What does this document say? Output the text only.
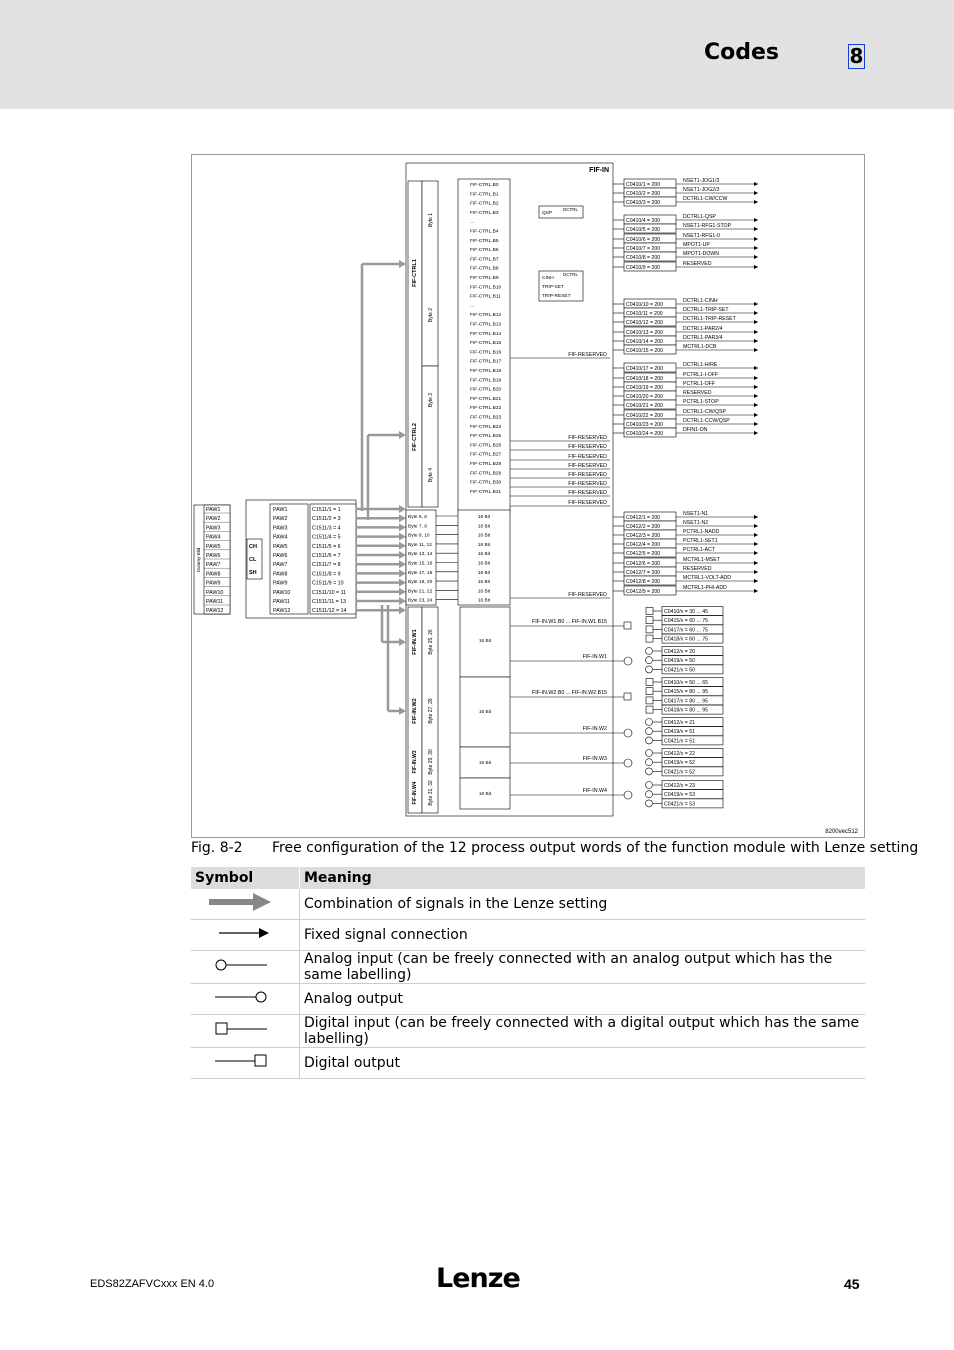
Codes	8
FIF-IN
FIF-CTRL1
FIF-CTRL2
Byte 1
Byte 2
Byte 3
Byte 4
FIF-CTRL.B0
FIF-CTRL.B1
FIF-CTRL.B2
FIF-CTRL.B3
...
FIF-CTRL.B4
FIF-CTRL.B5
FIF-CTRL.B6
FIF-CTRL.B7
FIF-CTRL.B8
FIF-CTRL.B9
FIF-CTRL.B10
FIF-CTRL.B11
...
FIF-CTRL.B12
FIF-CTRL.B13
FIF-CTRL.B14
FIF-CTRL.B15
FIF-CTRL.B16
FIF-CTRL.B17
FIF-CTRL.B18
FIF-CTRL.B19
FIF-CTRL.B20
FIF-CTRL.B21
FIF-CTRL.B22
FIF-CTRL.B23
FIF-CTRL.B24
FIF-CTRL.B25
FIF-CTRL.B26
FIF-CTRL.B27
FIF-CTRL.B28
FIF-CTRL.B29
FIF-CTRL.B30
FIF-CTRL.B31
QSP
DCTRL
CINH
TRIP-SET
TRIP-RESET
DCTRL
FIF-RESERVED
FIF-RESERVED
FIF-RESERVED
FIF-RESERVED
FIF-RESERVED
FIF-RESERVED
FIF-RESERVED
FIF-RESERVED
FIF-RESERVED
FIF-RESERVED
C0410/1 = 200
NSET1-JOG1/3
C0410/2 = 200
NSET1-JOG2/3
C0410/3 = 200
DCTRL1-CW/CCW
C0410/4 = 200
DCTRL1-QSP
C0410/5 = 200
NSET1-RFG1-STOP
C0410/6 = 200
NSET1-RFG1-0
C0410/7 = 200
MPOT1-UP
C0410/8 = 200
MPOT1-DOWN
C0410/9 = 200
RESERVED
C0410/10 = 200
DCTRL1-CINH
C0410/11 = 200
DCTRL1-TRIP-SET
C0410/12 = 200
DCTRL1-TRIP-RESET
C0410/13 = 200
DCTRL1-PAR2/4
C0410/14 = 200
DCTRL1-PAR3/4
C0410/15 = 200
MCTRL1-DCB
C0410/17 = 200
DCTRL1-H/RE
C0410/18 = 200
PCTRL1-I-OFF
C0410/19 = 200
PCTRL1-OFF
C0410/20 = 200
RESERVED
C0410/21 = 200
PCTRL1-STOP
C0410/22 = 200
DCTRL1-CW/QSP
C0410/23 = 200
DCTRL1-CCW/QSP
C0410/24 = 200
DFIN1-ON
C0412/1 = 200
NSET1-N1
C0412/2 = 200
NSET1-N2
C0412/3 = 200
PCTRL1-NADD
C0412/4 = 200
PCTRL1-SET1
C0412/5 = 200
PCTRL1-ACT
C0412/6 = 200
MCTRL1-MSET
C0412/7 = 200
RESERVED
C0412/8 = 200
MCTRL1-VOLT-ADD
C0412/9 = 200
MCTRL1-PHI-ADD
Dummy-Bild
PAW1
PAW2
PAW3
PAW4
PAW5
PAW6
PAW7
PAW8
PAW9
PAW10
PAW11
PAW12
CH
CL
SH
PAW1
PAW2
PAW3
PAW4
PAW5
PAW6
PAW7
PAW8
PAW9
PAW10
PAW11
PAW12
C1511/1 = 1
C1511/2 = 3
C1511/3 = 4
C1511/4 = 5
C1511/5 = 6
C1511/6 = 7
C1511/7 = 8
C1511/8 = 9
C1511/9 = 10
C1511/10 = 11
C1511/11 = 13
C1511/12 = 14
Byte 5, 6
Byte 7, 9
Byte 9, 10
Byte 11, 12
Byte 13, 14
Byte 15, 16
Byte 17, 18
Byte 19, 20
Byte 21, 22
Byte 23, 24
16 Bit
16 Bit
16 Bit
16 Bit
16 Bit
16 Bit
16 Bit
16 Bit
16 Bit
16 Bit
FIF-IN.W1
FIF-IN.W2
FIF-IN.W3
FIF-IN.W4
Byte 25, 26
Byte 27, 28
Byte 29, 30
Byte 31, 32
16 Bit
16 Bit
16 Bit
16 Bit
FIF-IN.W1.B0 ... FIF-IN.W1.B15
FIF-IN.W1
FIF-IN.W2.B0 ... FIF-IN.W2.B15
FIF-IN.W2
FIF-IN.W3
FIF-IN.W4
C0410/x = 30 ... 45
C0415/x = 60 ... 75
C0417/x = 60 ... 75
C0418/x = 60 ... 75
C0412/x = 20
C0419/x = 50
C0421/x = 50
C0410/x = 50 ... 65
C0415/x = 80 ... 95
C0417/x = 80 ... 95
C0418/x = 80 ... 95
C0412/x = 21
C0419/x = 51
C0421/x = 51
C0412/x = 22
C0419/x = 52
C0421/x = 52
C0412/x = 23
C0419/x = 53
C0421/x = 53
8200vec512
Fig. 8-2 Free configuration of the 12 process output words of the function module with Lenze setting
Symbol	Meaning
	Combination of signals in the Lenze setting
	Fixed signal connection
	Analog input (can be freely connected with an analog output which has the same labelling)
	Analog output
	Digital input (can be freely connected with a digital output which has the same labelling)
	Digital output
EDS82ZAFVCxxx EN 4.0	Lenze	45
